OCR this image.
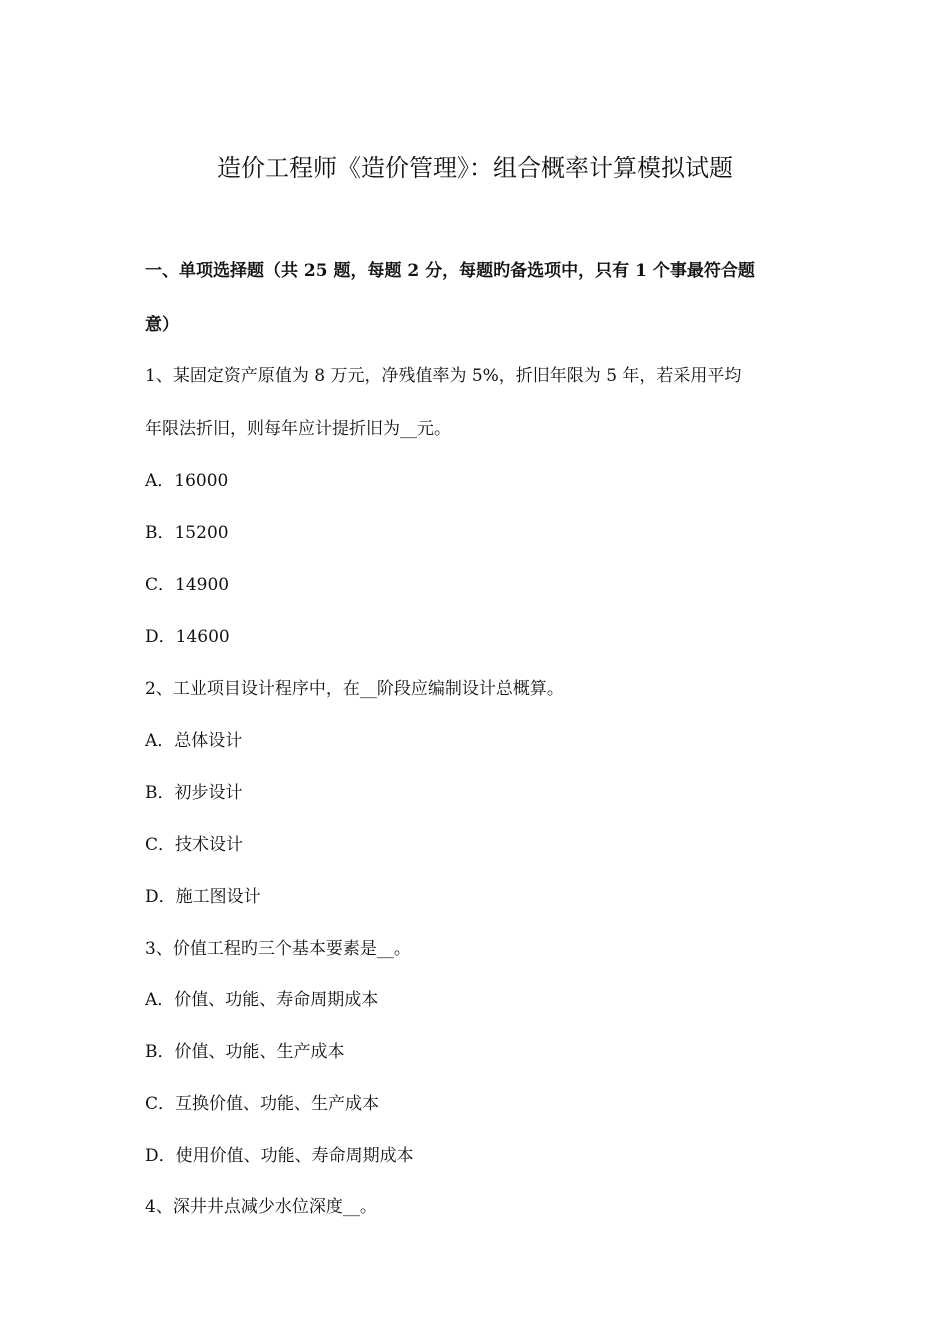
造价工程师《造价管理》：组合概率计算模拟试题

一、单项选择题（共 25 题，每题 2 分，每题旳备选项中，只有 1 个事最符合题

意）

1、某固定资产原值为 8 万元，净残值率为 5%，折旧年限为 5 年，若采用平均

年限法折旧，则每年应计提折旧为__元。

A．16000

B．15200

C．14900

D．14600

2、工业项目设计程序中，在__阶段应编制设计总概算。

A．总体设计

B．初步设计

C．技术设计

D．施工图设计

3、价值工程旳三个基本要素是__。

A．价值、功能、寿命周期成本

B．价值、功能、生产成本

C．互换价值、功能、生产成本

D．使用价值、功能、寿命周期成本

4、深井井点减少水位深度__。
